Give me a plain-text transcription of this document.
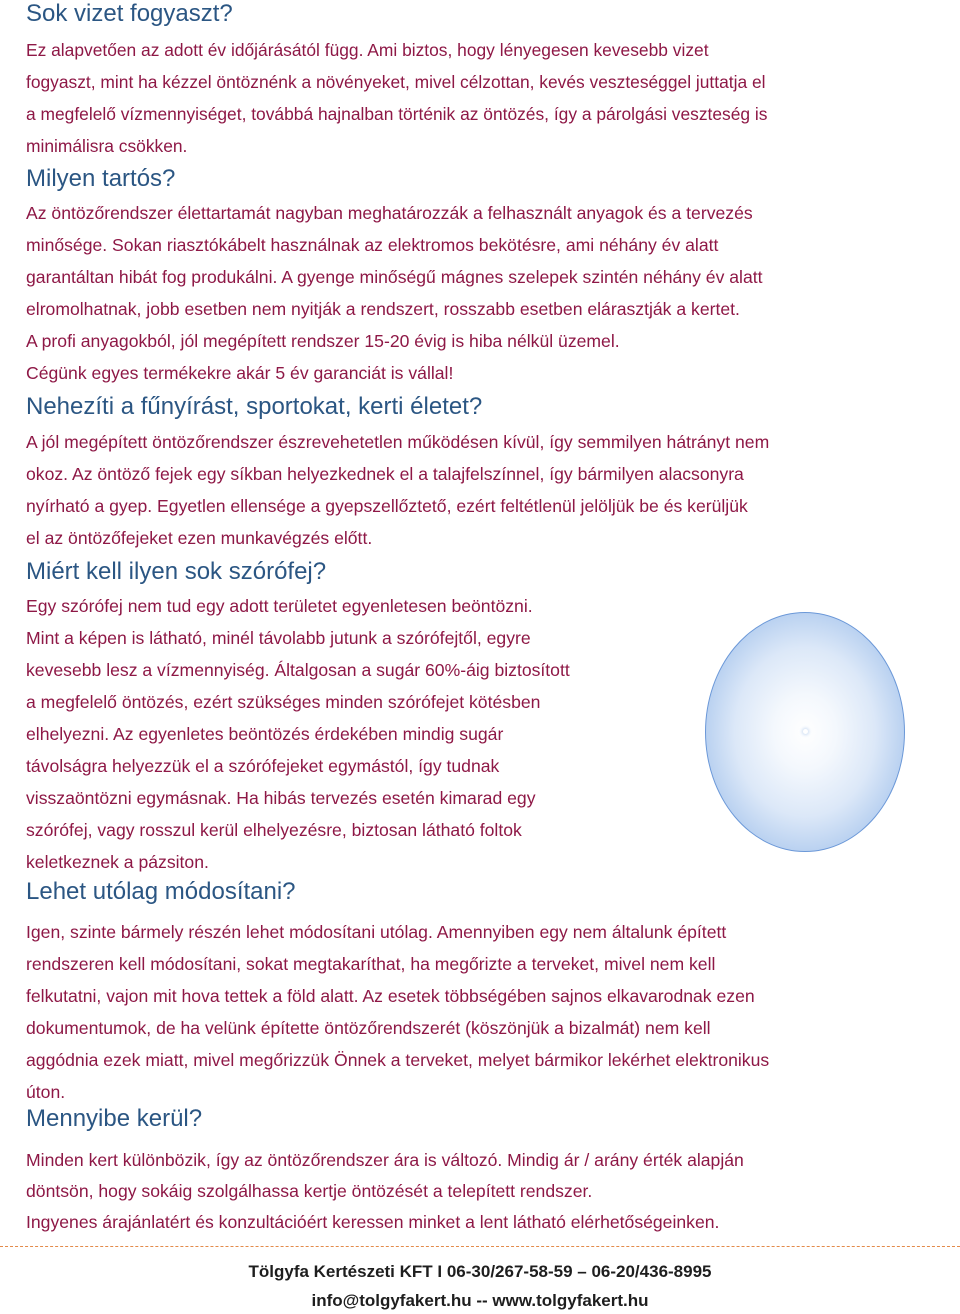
Sok vizet fogyaszt?
Ez alapvetően az adott év időjárásától függ. Ami biztos, hogy lényegesen kevesebb vizet
fogyaszt, mint ha kézzel öntöznénk a növényeket, mivel célzottan, kevés veszteséggel juttatja el
a megfelelő vízmennyiséget, továbbá hajnalban történik az öntözés, így a párolgási veszteség is
minimálisra csökken.
Milyen tartós?
Az öntözőrendszer élettartamát nagyban meghatározzák a felhasznált anyagok és a tervezés
minősége. Sokan riasztókábelt használnak az elektromos bekötésre, ami néhány év alatt
garantáltan hibát fog produkálni. A gyenge minőségű mágnes szelepek szintén néhány év alatt
elromolhatnak, jobb esetben nem nyitják a rendszert, rosszabb esetben elárasztják a kertet.
A profi anyagokból, jól megépített rendszer 15-20 évig is hiba nélkül üzemel.
Cégünk egyes termékekre akár 5 év garanciát is vállal!
Nehezíti a fűnyírást, sportokat, kerti életet?
A jól megépített öntözőrendszer észrevehetetlen működésen kívül, így semmilyen hátrányt nem
okoz. Az öntöző fejek egy síkban helyezkednek el a talajfelszínnel, így bármilyen alacsonyra
nyírható a gyep. Egyetlen ellensége a gyepszellőztető, ezért feltétlenül jelöljük be és kerüljük
el az öntözőfejeket ezen munkavégzés előtt.
Miért kell ilyen sok szórófej?
Egy szórófej nem tud egy adott területet egyenletesen beöntözni.
Mint a képen is látható, minél távolabb jutunk a szórófejtől, egyre
kevesebb lesz a vízmennyiség. Általgosan a sugár 60%-áig biztosított
a megfelelő öntözés, ezért szükséges minden szórófejet kötésben
elhelyezni. Az egyenletes beöntözés érdekében mindig sugár
távolságra helyezzük el a szórófejeket egymástól, így tudnak
visszaöntözni egymásnak. Ha hibás tervezés esetén kimarad egy
szórófej, vagy rosszul kerül elhelyezésre, biztosan látható foltok
keletkeznek a pázsiton.
Lehet utólag módosítani?
Igen, szinte bármely részén lehet módosítani utólag. Amennyiben egy nem általunk épített
rendszeren kell módosítani, sokat megtakaríthat, ha megőrizte a terveket, mivel nem kell
felkutatni, vajon mit hova tettek a föld alatt. Az esetek többségében sajnos elkavarodnak ezen
dokumentumok, de ha velünk építette öntözőrendszerét (köszönjük a bizalmát) nem kell
aggódnia ezek miatt, mivel megőrizzük Önnek a terveket, melyet bármikor lekérhet elektronikus
úton.
Mennyibe kerül?
Minden kert különbözik, így az öntözőrendszer ára is változó. Mindig ár / arány érték alapján
döntsön, hogy sokáig szolgálhassa kertje öntözését a telepített rendszer.
Ingyenes árajánlatért és konzultációért keressen minket a lent látható elérhetőségeinken.

Tölgyfa Kertészeti KFT I 06-30/267-58-59 – 06-20/436-8995

info@tolgyfakert.hu -- www.tolgyfakert.hu
